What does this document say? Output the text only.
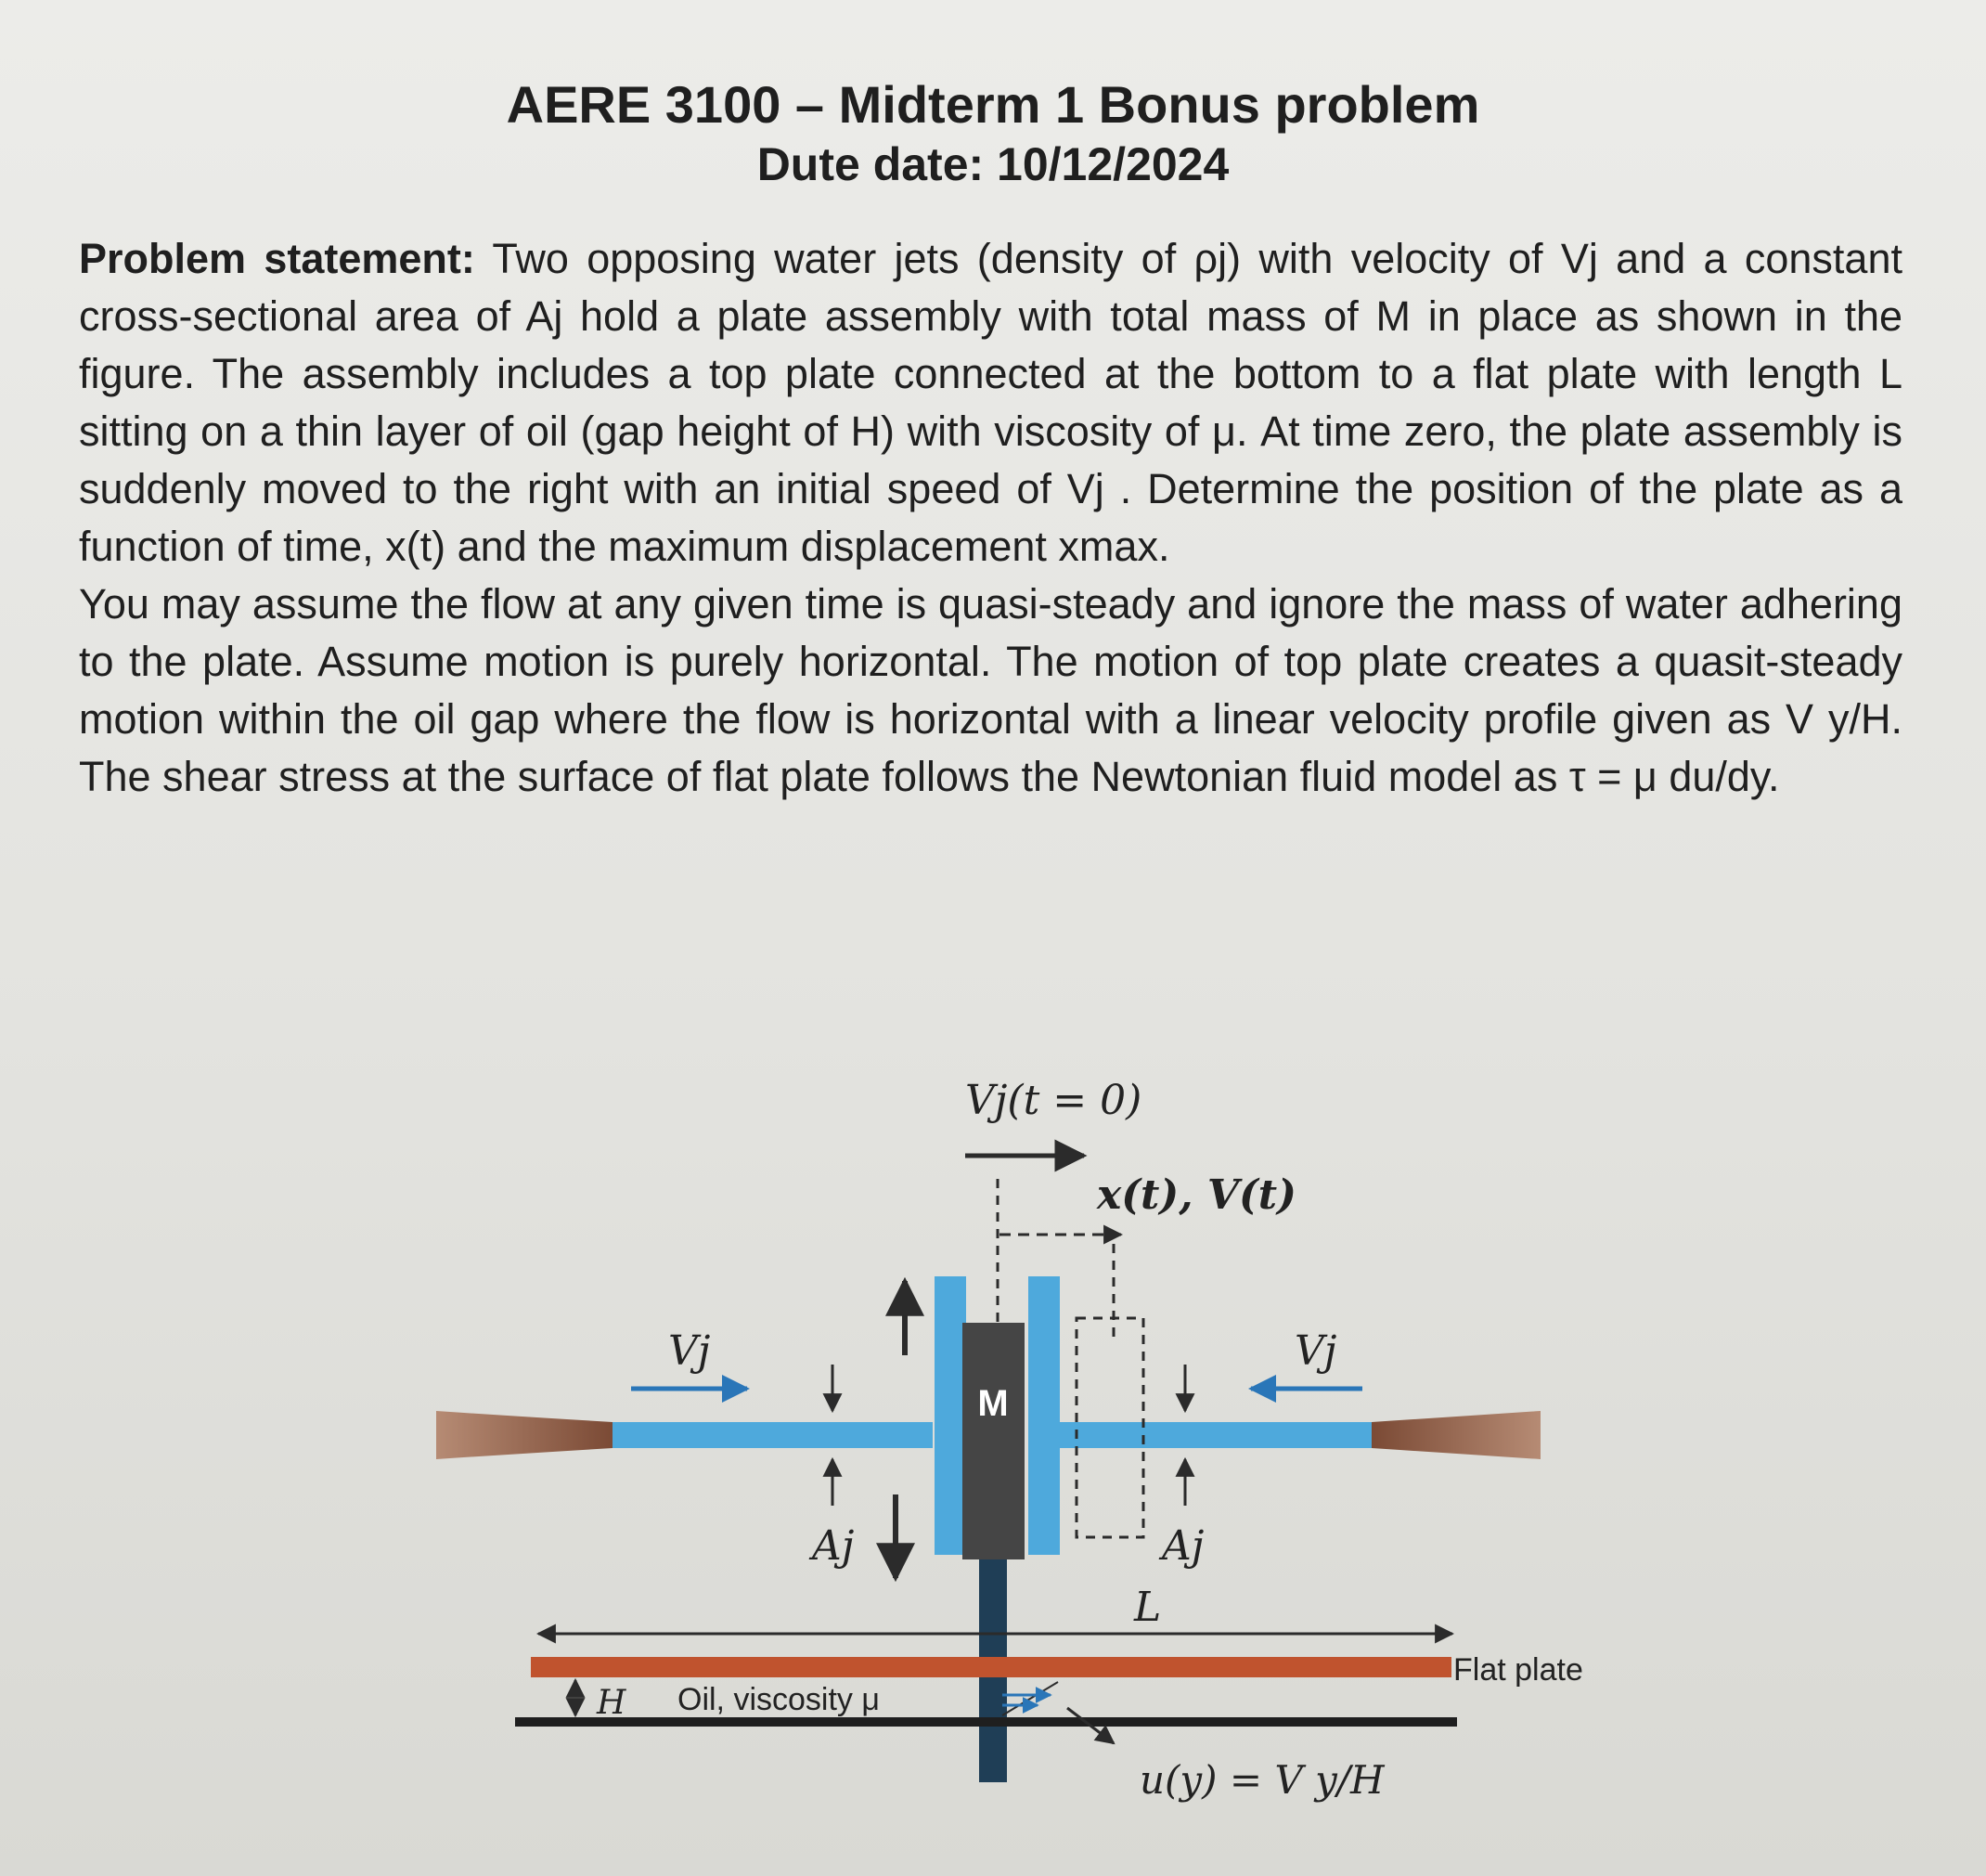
AERE 3100 – Midterm 1 Bonus problem
Dute date: 10/12/2024

Problem statement: Two opposing water jets (density of ρj) with velocity of Vj and a constant cross-sectional area of Aj hold a plate assembly with total mass of M in place as shown in the figure. The assembly includes a top plate connected at the bottom to a flat plate with length L sitting on a thin layer of oil (gap height of H) with viscosity of μ. At time zero, the plate assembly is suddenly moved to the right with an initial speed of Vj . Determine the position of the plate as a function of time, x(t) and the maximum displacement xmax.

You may assume the flow at any given time is quasi-steady and ignore the mass of water adhering to the plate. Assume motion is purely horizontal. The motion of top plate creates a quasit-steady motion within the oil gap where the flow is horizontal with a linear velocity profile given as V y/H. The shear stress at the surface of flat plate follows the Newtonian fluid model as τ = μ du/dy.

M
Vj(t = 0)
x(t), V(t)
Vj	Vj
Aj	Aj
L
Flat plate
H Oil, viscosity μ
u(y) = V y/H
